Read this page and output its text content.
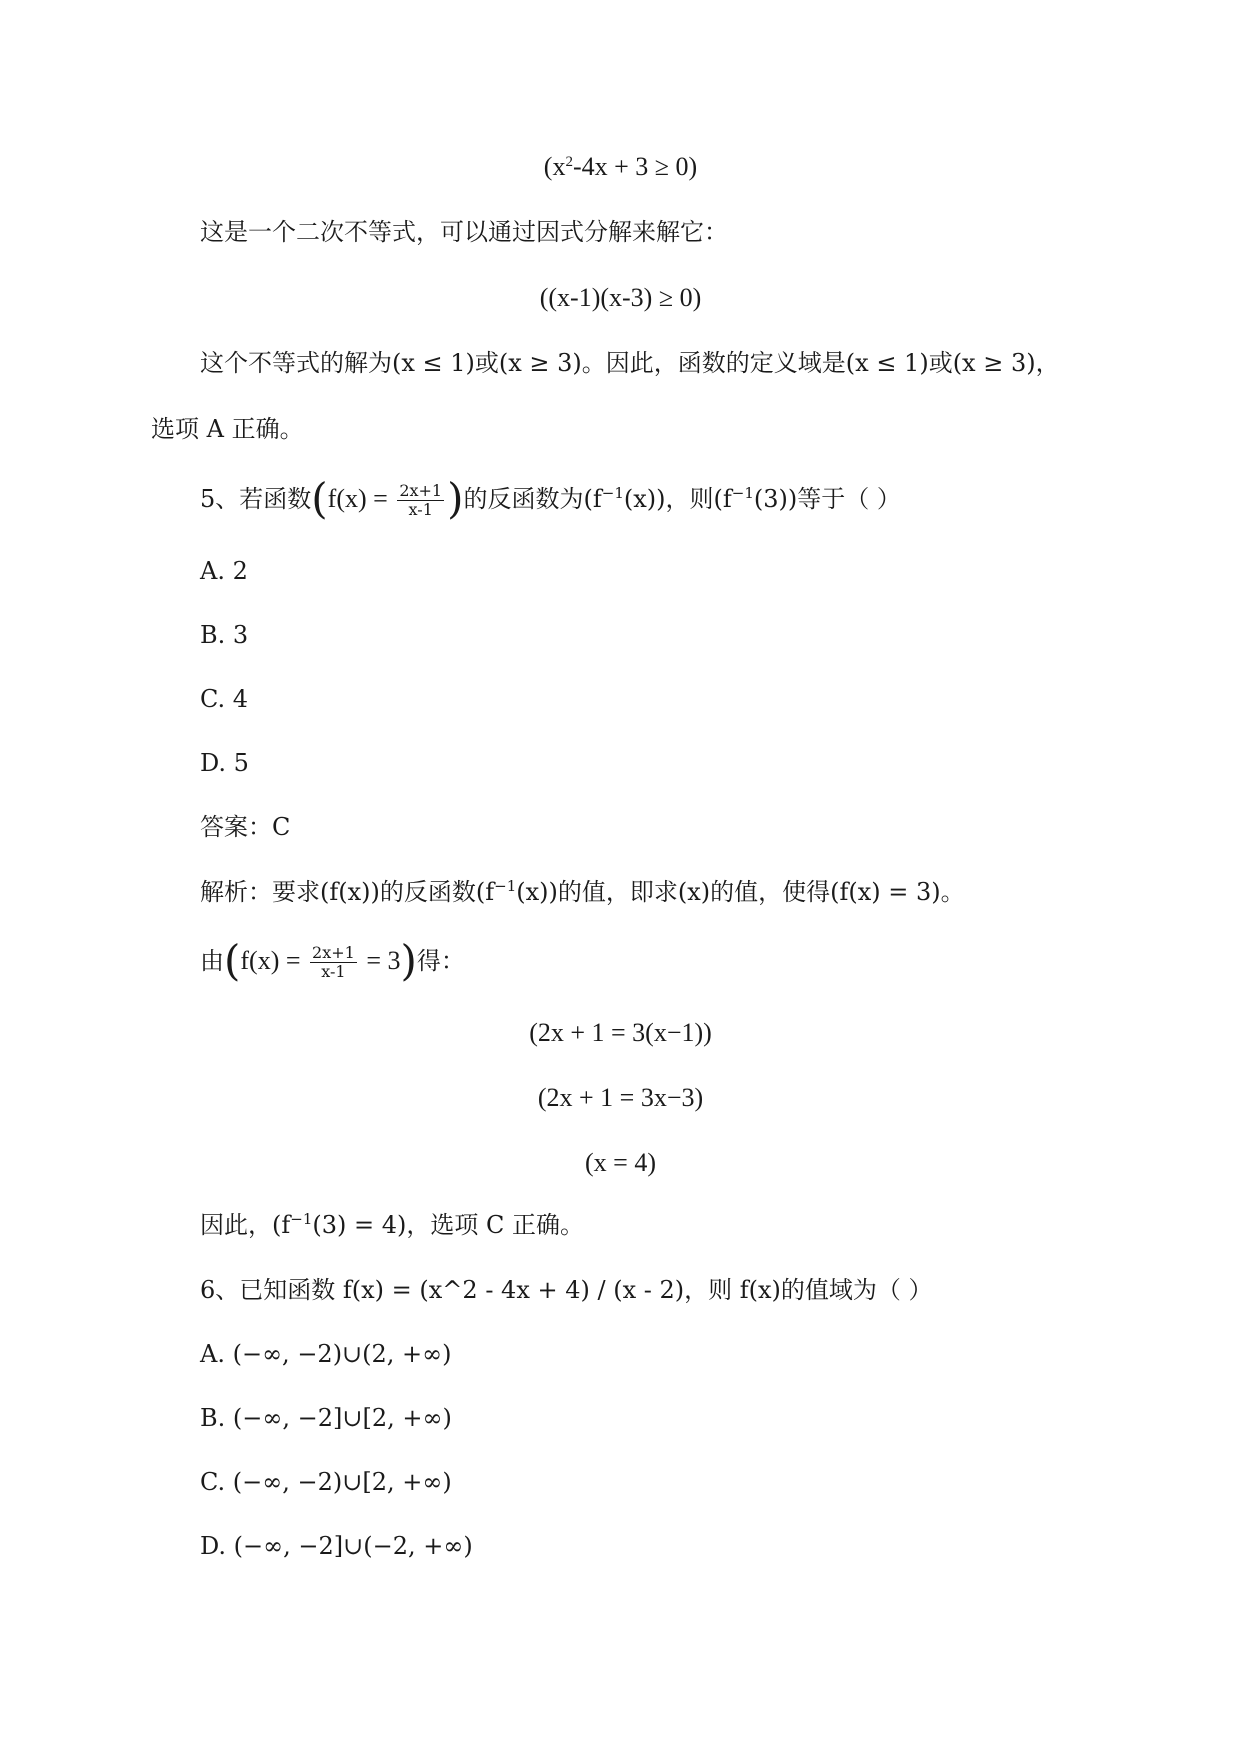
$(x^2-4x + 3 \ge 0)$
这是一个二次不等式，可以通过因式分解来解它：
((x-1)(x-3) ≥ 0)
这个不等式的解为(x ≤ 1)或(x ≥ 3)。因此，函数的定义域是(x ≤ 1)或(x ≥ 3)，
选项 A 正确。
5、若函数($f(x) = \frac{2x+1}{x-1}$ )的反函数为$(f^{-1}(x))$，则$(f^{-1}(3))$等于（ ）
A. 2
B. 3
C. 4
D. 5
答案：C
解析：要求(f(x))的反函数$(f^{-1}(x))$的值，即求(x)的值，使得(f(x) = 3)。
由$(f(x) = \frac{2x+1}{x-1} = 3)$得：
(2x + 1 = 3(x−1))
(2x + 1 = 3x−3)
(x = 4)
因此，$(f^{-1}(3) = 4)$，选项 C 正确。
6、已知函数 f(x) = (x^2 - 4x + 4) / (x - 2)，则 f(x)的值域为（ ）
A. (−∞, −2)∪(2, +∞)
B. (−∞, −2]∪[2, +∞)
C. (−∞, −2)∪[2, +∞)
D. (−∞, −2]∪(−2, +∞)
